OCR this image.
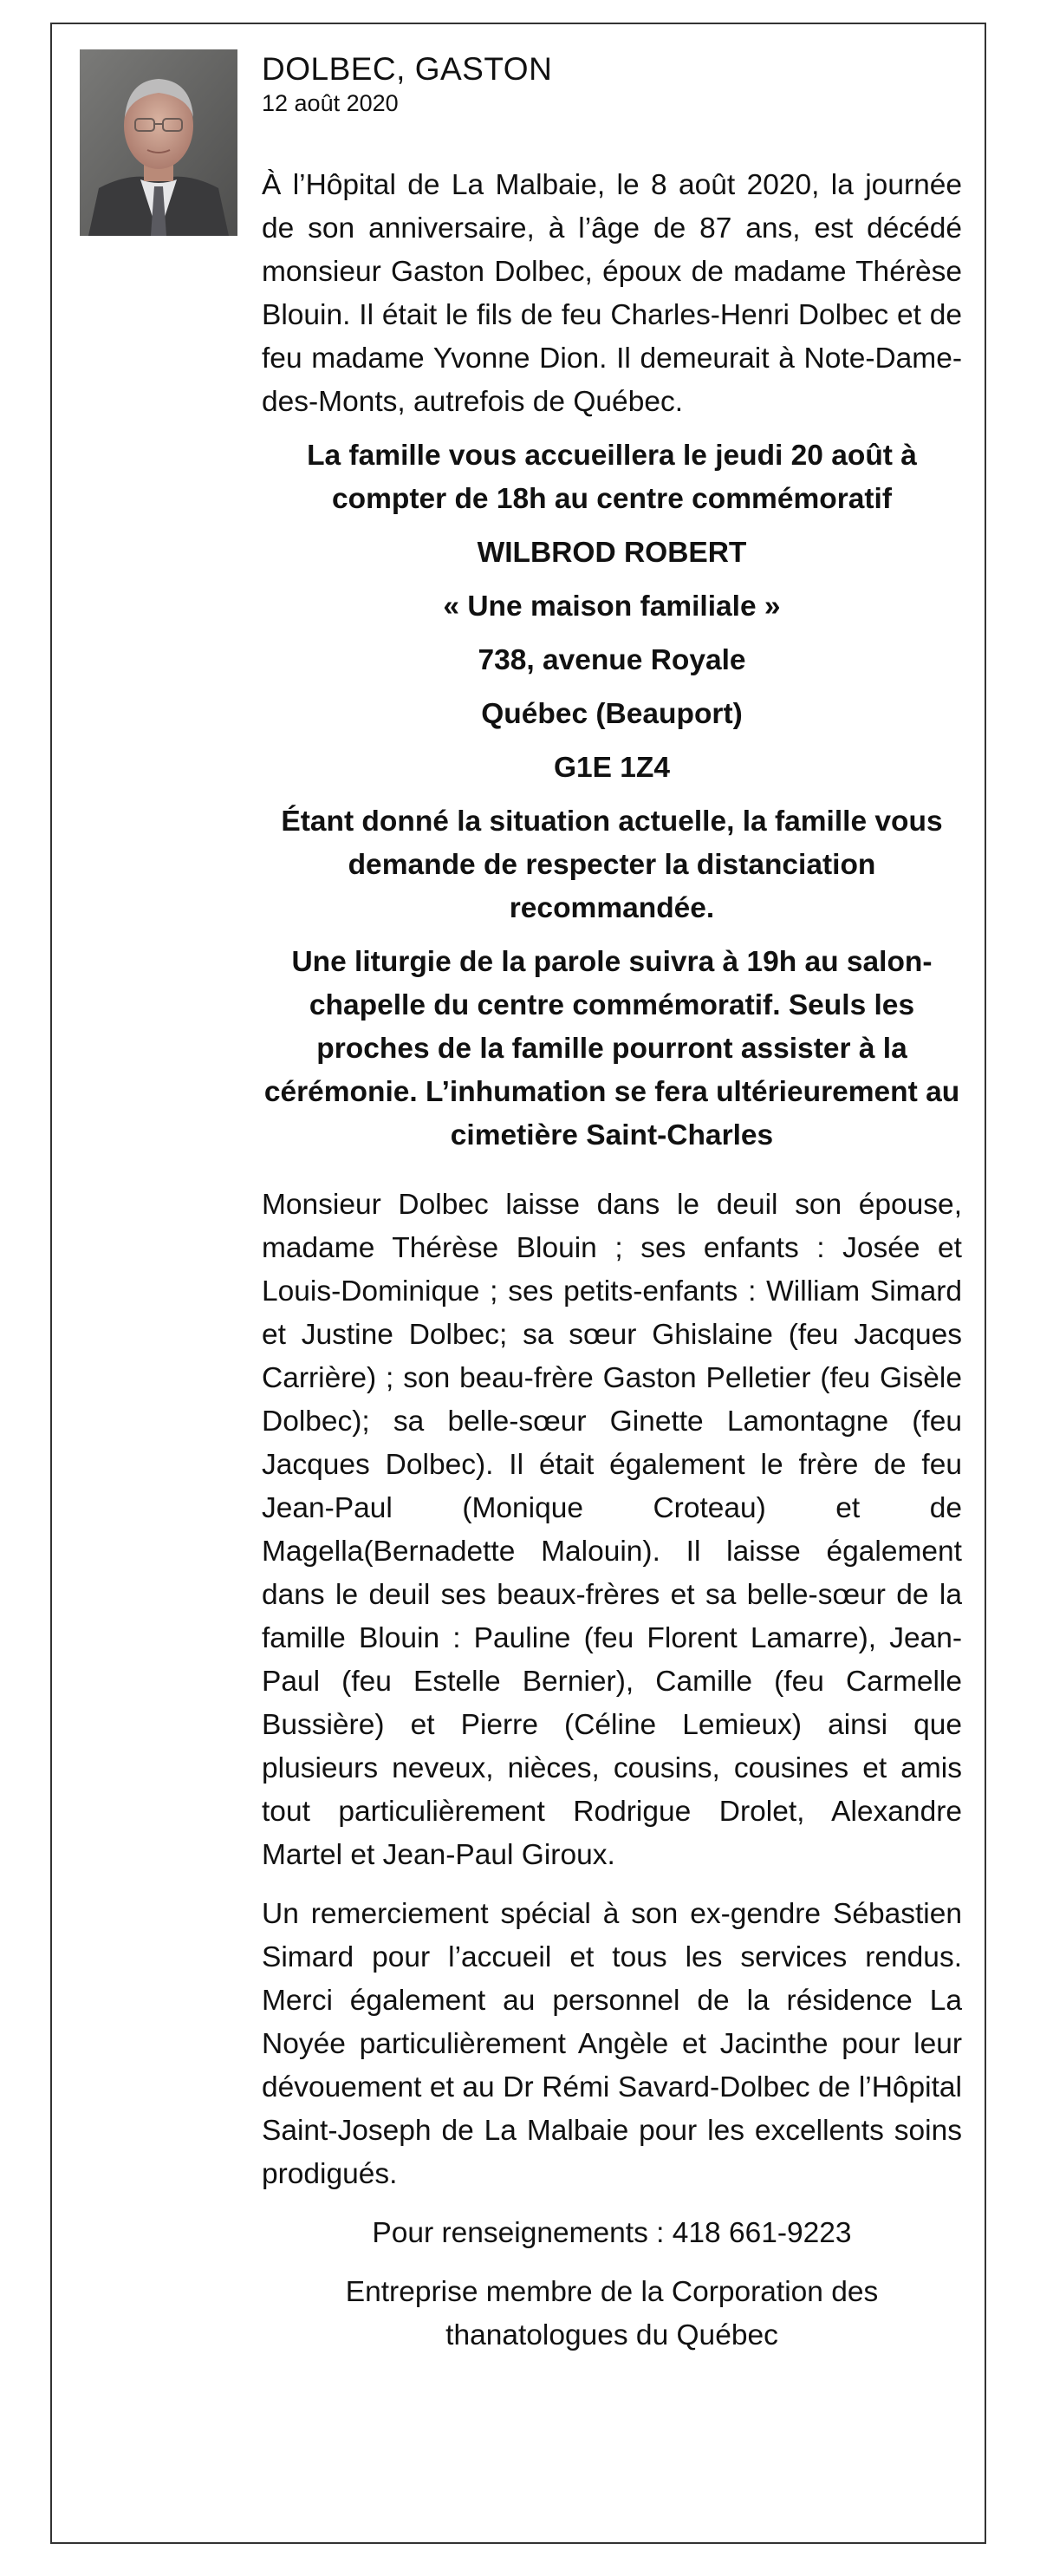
DOLBEC, GASTON
12 août 2020

À l’Hôpital de La Malbaie, le 8 août 2020, la journée de son anniversaire, à l’âge de 87 ans, est décédé monsieur Gaston Dolbec, époux de madame Thérèse Blouin. Il était le fils de feu Charles-Henri Dolbec et de feu madame Yvonne Dion. Il demeurait à Note-Dame-des-Monts, autrefois de Québec.

La famille vous accueillera le jeudi 20 août à compter de 18h au centre commémoratif

WILBROD ROBERT

« Une maison familiale »

738, avenue Royale

Québec (Beauport)

G1E 1Z4

Étant donné la situation actuelle, la famille vous demande de respecter la distanciation recommandée.

Une liturgie de la parole suivra à 19h au salon-chapelle du centre commémoratif. Seuls les proches de la famille pourront assister à la cérémonie. L’inhumation se fera ultérieurement au cimetière Saint-Charles

Monsieur Dolbec laisse dans le deuil son épouse, madame Thérèse Blouin ; ses enfants : Josée et Louis-Dominique ; ses petits-enfants : William Simard et Justine Dolbec; sa sœur Ghislaine (feu Jacques Carrière) ; son beau-frère Gaston Pelletier (feu Gisèle Dolbec); sa belle-sœur Ginette Lamontagne (feu Jacques Dolbec). Il était également le frère de feu Jean-Paul (Monique Croteau) et de Magella(Bernadette Malouin). Il laisse également dans le deuil ses beaux-frères et sa belle-sœur de la famille Blouin : Pauline (feu Florent Lamarre), Jean-Paul (feu Estelle Bernier), Camille (feu Carmelle Bussière) et Pierre (Céline Lemieux) ainsi que plusieurs neveux, nièces, cousins, cousines et amis tout particulièrement Rodrigue Drolet, Alexandre Martel et Jean-Paul Giroux.

Un remerciement spécial à son ex-gendre Sébastien Simard pour l’accueil et tous les services rendus. Merci également au personnel de la résidence La Noyée particulièrement Angèle et Jacinthe pour leur dévouement et au Dr Rémi Savard-Dolbec de l’Hôpital Saint-Joseph de La Malbaie pour les excellents soins prodigués.

Pour renseignements : 418 661-9223

Entreprise membre de la Corporation des thanatologues du Québec
